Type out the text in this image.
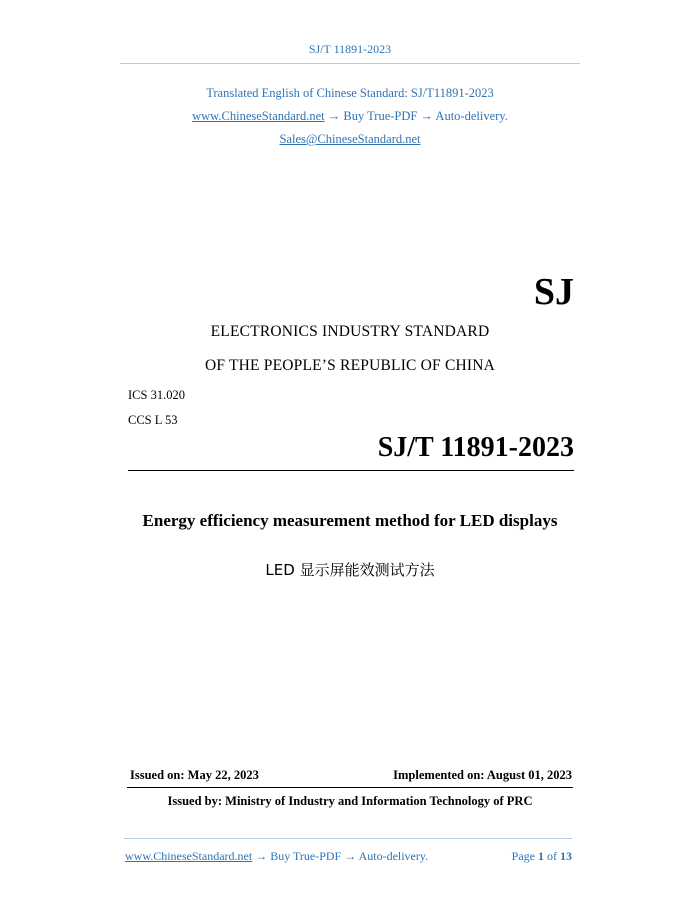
SJ/T 11891-2023
Translated English of Chinese Standard: SJ/T11891-2023
www.ChineseStandard.net → Buy True-PDF → Auto-delivery.
Sales@ChineseStandard.net
SJ
ELECTRONICS INDUSTRY STANDARD
OF THE PEOPLE’S REPUBLIC OF CHINA
ICS 31.020
CCS L 53
SJ/T 11891-2023
Energy efficiency measurement method for LED displays
LED 显示屏能效测试方法
Issued on: May 22, 2023	Implemented on: August 01, 2023
Issued by: Ministry of Industry and Information Technology of PRC
www.ChineseStandard.net → Buy True-PDF → Auto-delivery.	Page 1 of 13
